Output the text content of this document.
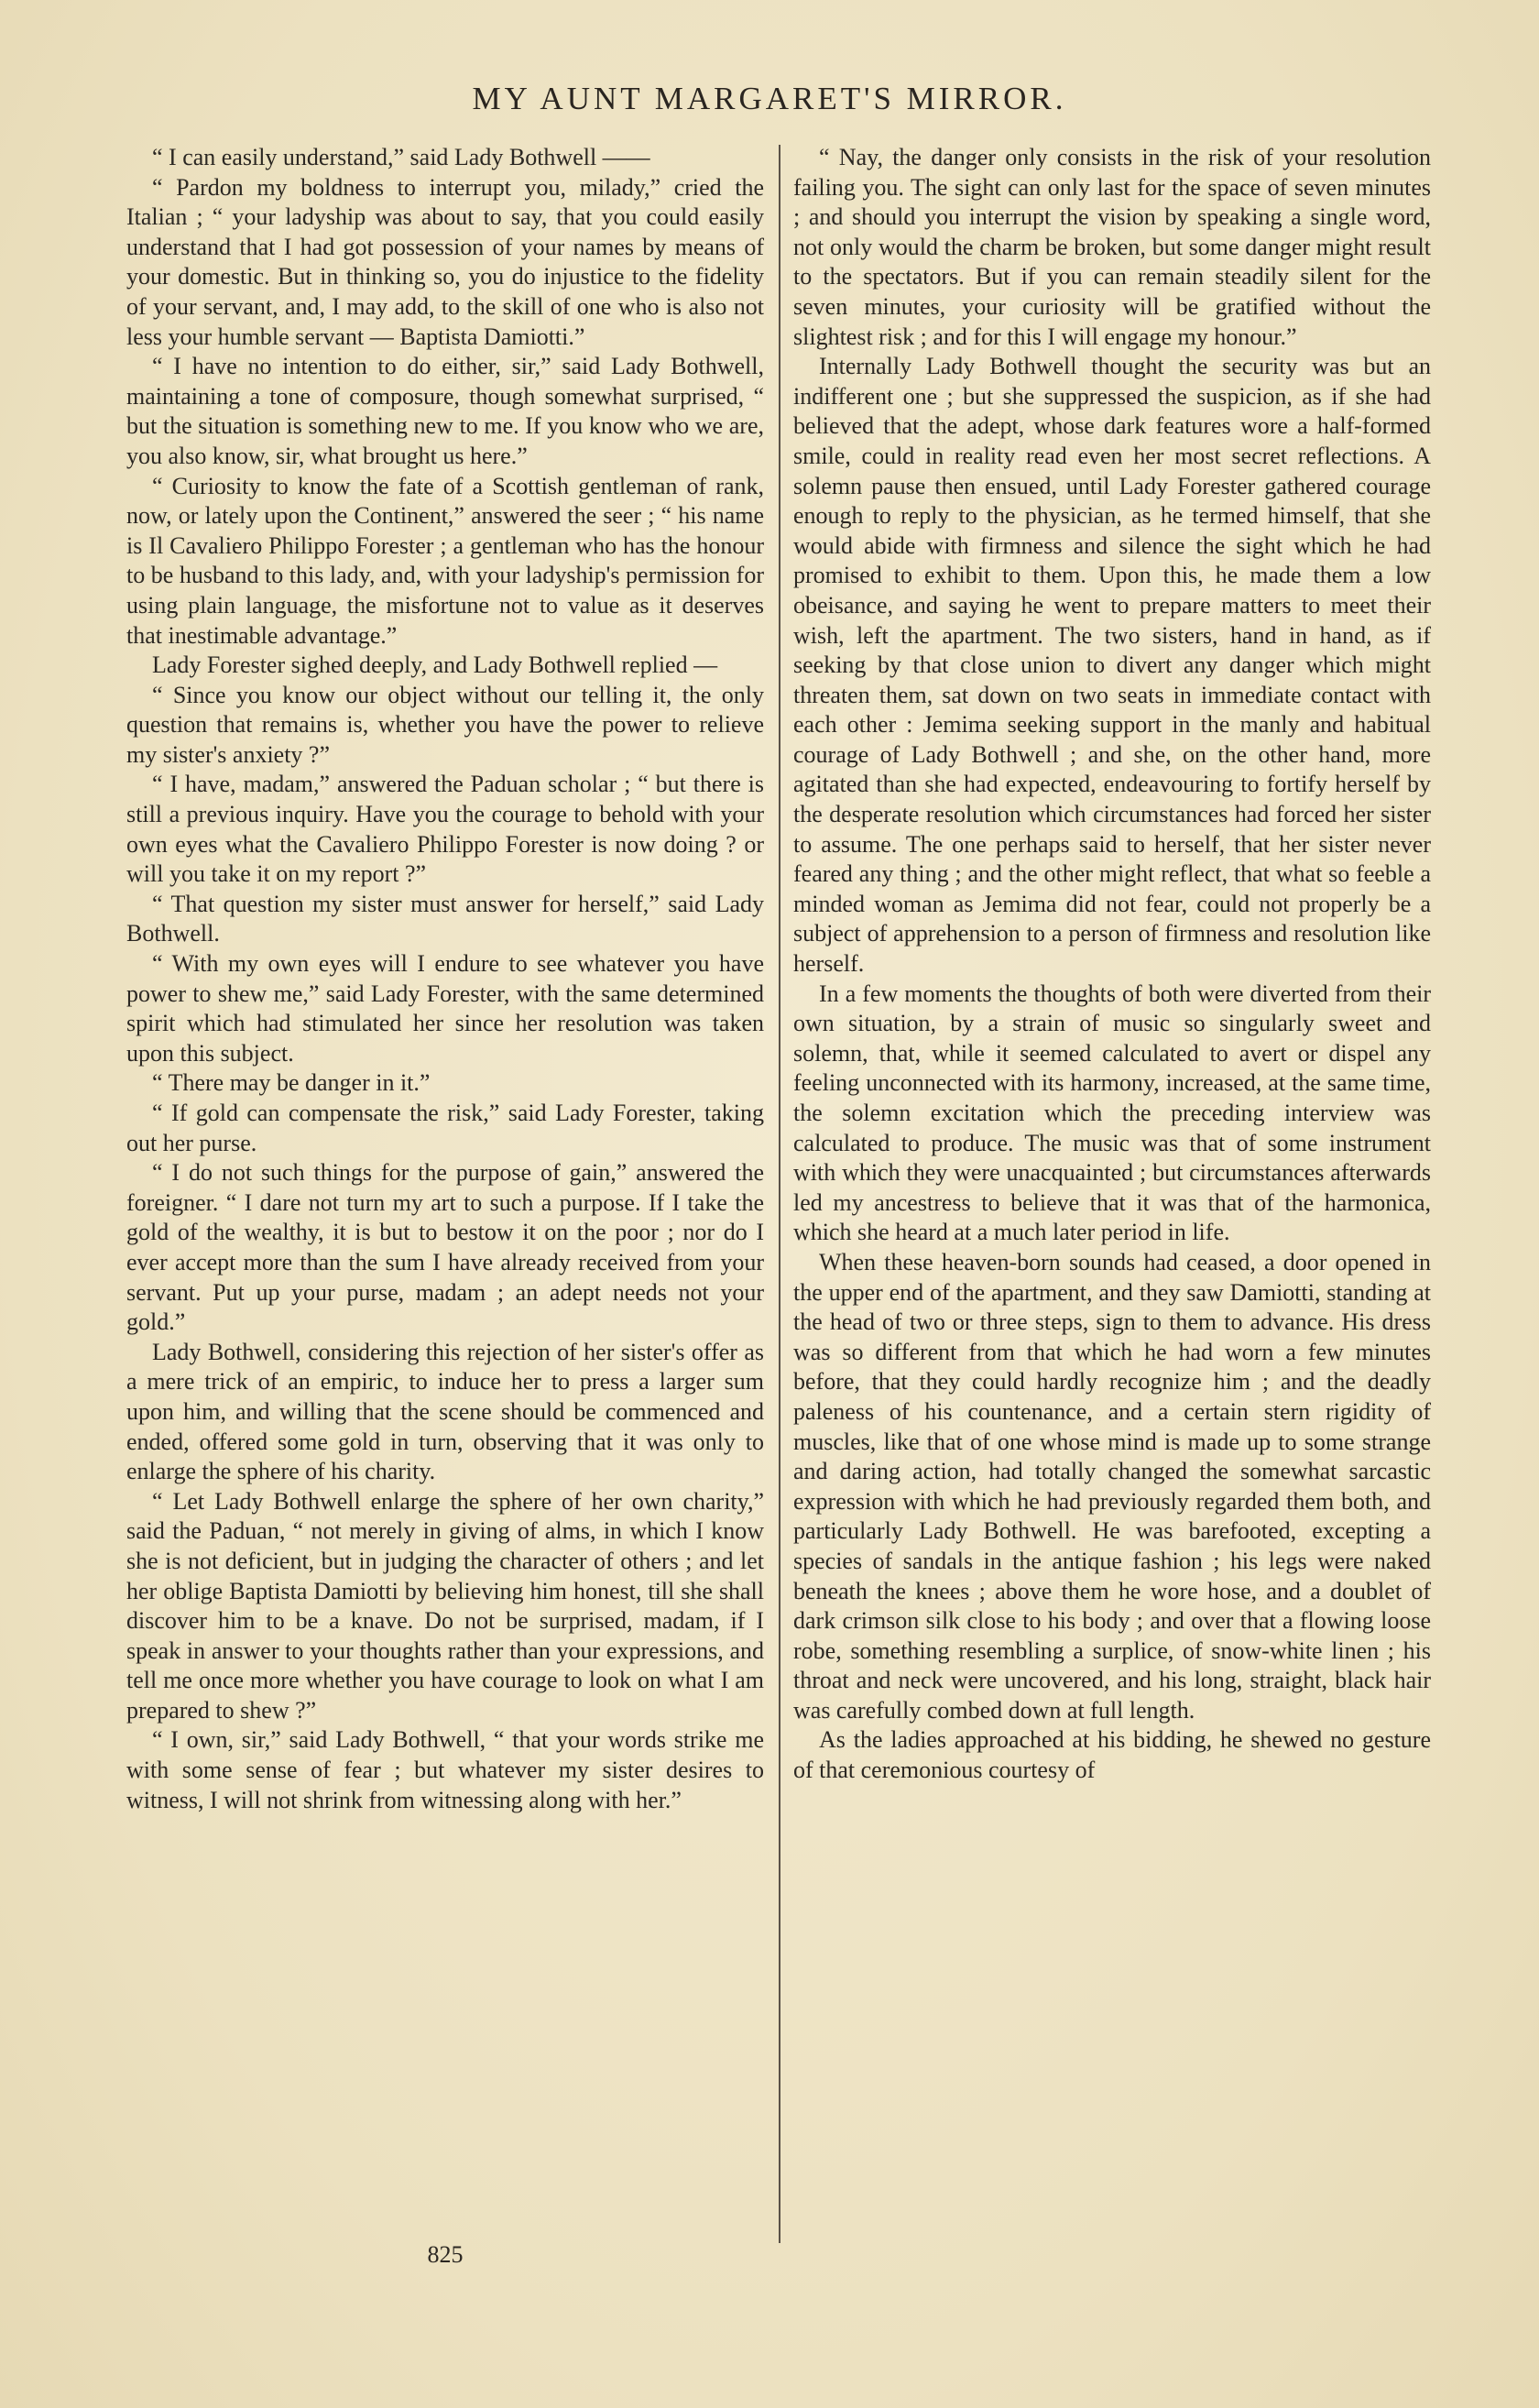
MY AUNT MARGARET'S MIRROR.

“ I can easily understand,” said Lady Bothwell ——

“ Pardon my boldness to interrupt you, milady,” cried the Italian ; “ your ladyship was about to say, that you could easily understand that I had got possession of your names by means of your domestic. But in thinking so, you do injustice to the fidelity of your servant, and, I may add, to the skill of one who is also not less your humble servant — Baptista Damiotti.”

“ I have no intention to do either, sir,” said Lady Bothwell, maintaining a tone of composure, though somewhat surprised, “ but the situation is something new to me. If you know who we are, you also know, sir, what brought us here.”

“ Curiosity to know the fate of a Scottish gentleman of rank, now, or lately upon the Continent,” answered the seer ; “ his name is Il Cavaliero Philippo Forester ; a gentleman who has the honour to be husband to this lady, and, with your ladyship's permission for using plain language, the misfortune not to value as it deserves that inestimable advantage.”

Lady Forester sighed deeply, and Lady Bothwell replied —

“ Since you know our object without our telling it, the only question that remains is, whether you have the power to relieve my sister's anxiety ?”

“ I have, madam,” answered the Paduan scholar ; “ but there is still a previous inquiry. Have you the courage to behold with your own eyes what the Cavaliero Philippo Forester is now doing ? or will you take it on my report ?”

“ That question my sister must answer for herself,” said Lady Bothwell.

“ With my own eyes will I endure to see whatever you have power to shew me,” said Lady Forester, with the same determined spirit which had stimulated her since her resolution was taken upon this subject.

“ There may be danger in it.”

“ If gold can compensate the risk,” said Lady Forester, taking out her purse.

“ I do not such things for the purpose of gain,” answered the foreigner. “ I dare not turn my art to such a purpose. If I take the gold of the wealthy, it is but to bestow it on the poor ; nor do I ever accept more than the sum I have already received from your servant. Put up your purse, madam ; an adept needs not your gold.”

Lady Bothwell, considering this rejection of her sister's offer as a mere trick of an empiric, to induce her to press a larger sum upon him, and willing that the scene should be commenced and ended, offered some gold in turn, observing that it was only to enlarge the sphere of his charity.

“ Let Lady Bothwell enlarge the sphere of her own charity,” said the Paduan, “ not merely in giving of alms, in which I know she is not deficient, but in judging the character of others ; and let her oblige Baptista Damiotti by believing him honest, till she shall discover him to be a knave. Do not be surprised, madam, if I speak in answer to your thoughts rather than your expressions, and tell me once more whether you have courage to look on what I am prepared to shew ?”

“ I own, sir,” said Lady Bothwell, “ that your words strike me with some sense of fear ; but whatever my sister desires to witness, I will not shrink from witnessing along with her.”

“ Nay, the danger only consists in the risk of your resolution failing you. The sight can only last for the space of seven minutes ; and should you interrupt the vision by speaking a single word, not only would the charm be broken, but some danger might result to the spectators. But if you can remain steadily silent for the seven minutes, your curiosity will be gratified without the slightest risk ; and for this I will engage my honour.”

Internally Lady Bothwell thought the security was but an indifferent one ; but she suppressed the suspicion, as if she had believed that the adept, whose dark features wore a half-formed smile, could in reality read even her most secret reflections. A solemn pause then ensued, until Lady Forester gathered courage enough to reply to the physician, as he termed himself, that she would abide with firmness and silence the sight which he had promised to exhibit to them. Upon this, he made them a low obeisance, and saying he went to prepare matters to meet their wish, left the apartment. The two sisters, hand in hand, as if seeking by that close union to divert any danger which might threaten them, sat down on two seats in immediate contact with each other : Jemima seeking support in the manly and habitual courage of Lady Bothwell ; and she, on the other hand, more agitated than she had expected, endeavouring to fortify herself by the desperate resolution which circumstances had forced her sister to assume. The one perhaps said to herself, that her sister never feared any thing ; and the other might reflect, that what so feeble a minded woman as Jemima did not fear, could not properly be a subject of apprehension to a person of firmness and resolution like herself.

In a few moments the thoughts of both were diverted from their own situation, by a strain of music so singularly sweet and solemn, that, while it seemed calculated to avert or dispel any feeling unconnected with its harmony, increased, at the same time, the solemn excitation which the preceding interview was calculated to produce. The music was that of some instrument with which they were unacquainted ; but circumstances afterwards led my ancestress to believe that it was that of the harmonica, which she heard at a much later period in life.

When these heaven-born sounds had ceased, a door opened in the upper end of the apartment, and they saw Damiotti, standing at the head of two or three steps, sign to them to advance. His dress was so different from that which he had worn a few minutes before, that they could hardly recognize him ; and the deadly paleness of his countenance, and a certain stern rigidity of muscles, like that of one whose mind is made up to some strange and daring action, had totally changed the somewhat sarcastic expression with which he had previously regarded them both, and particularly Lady Bothwell. He was barefooted, excepting a species of sandals in the antique fashion ; his legs were naked beneath the knees ; above them he wore hose, and a doublet of dark crimson silk close to his body ; and over that a flowing loose robe, something resembling a surplice, of snow-white linen ; his throat and neck were uncovered, and his long, straight, black hair was carefully combed down at full length.

As the ladies approached at his bidding, he shewed no gesture of that ceremonious courtesy of

825
